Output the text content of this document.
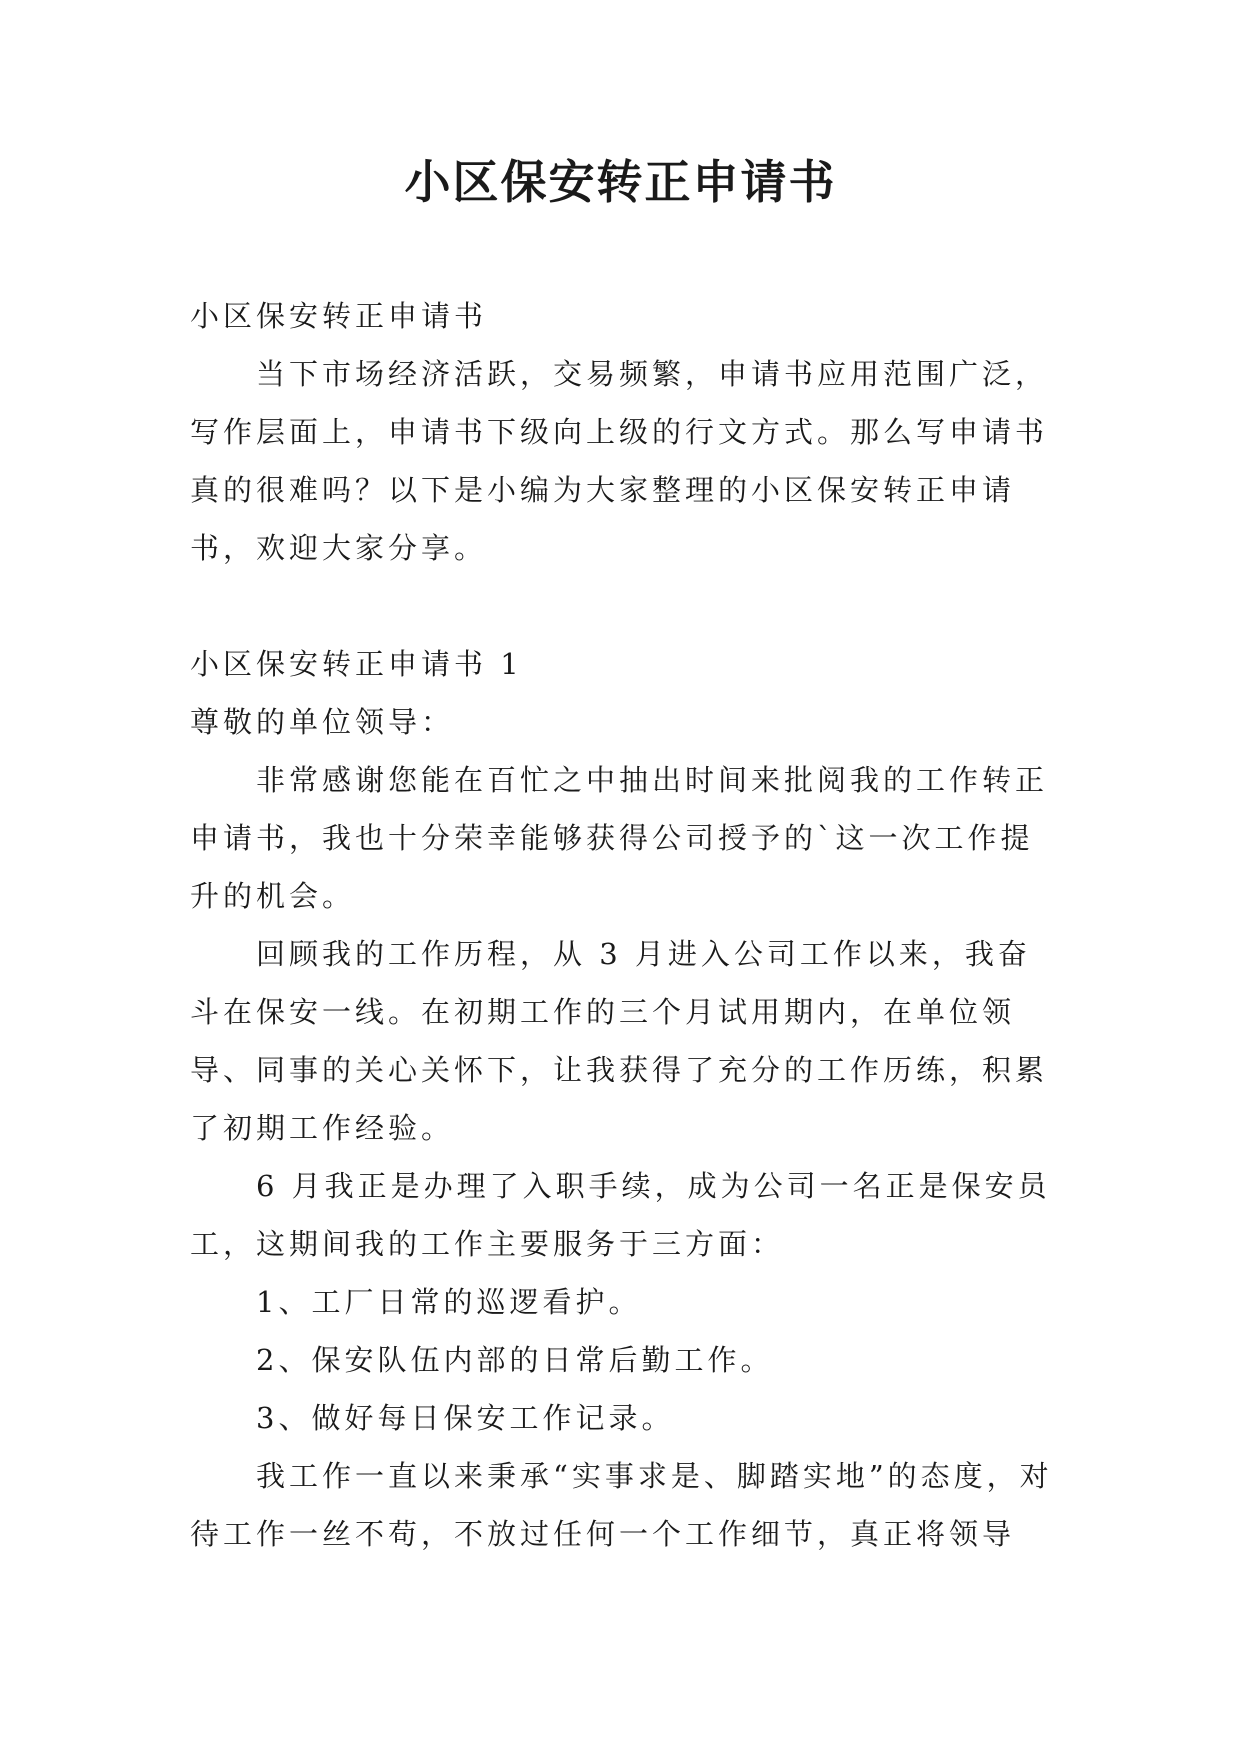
小区保安转正申请书

小区保安转正申请书

当下市场经济活跃，交易频繁，申请书应用范围广泛，写作层面上，申请书下级向上级的行文方式。那么写申请书真的很难吗？以下是小编为大家整理的小区保安转正申请书，欢迎大家分享。

小区保安转正申请书 1

尊敬的单位领导：

非常感谢您能在百忙之中抽出时间来批阅我的工作转正申请书，我也十分荣幸能够获得公司授予的`这一次工作提升的机会。

回顾我的工作历程，从 3 月进入公司工作以来，我奋斗在保安一线。在初期工作的三个月试用期内，在单位领导、同事的关心关怀下，让我获得了充分的工作历练，积累了初期工作经验。

6 月我正是办理了入职手续，成为公司一名正是保安员工，这期间我的工作主要服务于三方面：

1、工厂日常的巡逻看护。

2、保安队伍内部的日常后勤工作。

3、做好每日保安工作记录。

我工作一直以来秉承“实事求是、脚踏实地”的态度，对待工作一丝不苟，不放过任何一个工作细节，真正将领导
